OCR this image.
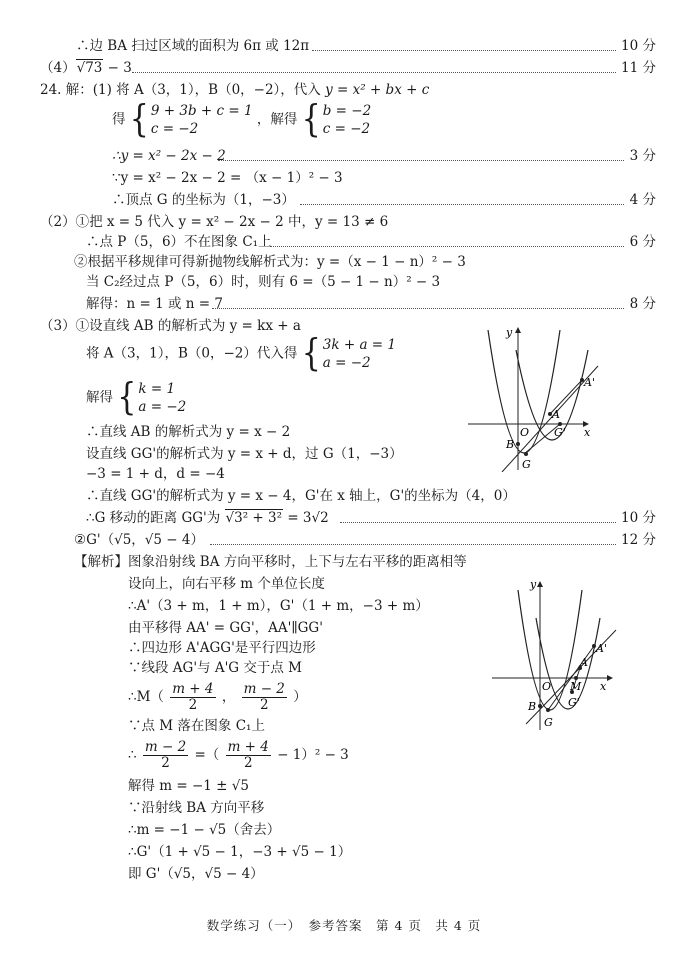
∴边 BA 扫过区域的面积为 6π 或 12π	10 分
（4）√73 − 3	11 分
24. 解：(1) 将 A（3，1），B（0，−2），代入 y = x² + bx + c
得 { 9 + 3b + c = 1
c = −2 ，解得 { b = −2
c = −2
∴y = x² − 2x − 2	3 分
∵y = x² − 2x − 2 = （x − 1）² − 3
∴顶点 G 的坐标为（1，−3）	4 分
（2）①把 x = 5 代入 y = x² − 2x − 2 中，y = 13 ≠ 6
∴点 P（5，6）不在图象 C₁上	6 分
②根据平移规律可得新抛物线解析式为：y =（x − 1 − n）² − 3
当 C₂经过点 P（5，6）时，则有 6 =（5 − 1 − n）² − 3
解得：n = 1 或 n = 7	8 分
（3）①设直线 AB 的解析式为 y = kx + a
将 A（3，1），B（0，−2）代入得 { 3k + a = 1
a = −2
解得 { k = 1
a = −2
∴直线 AB 的解析式为 y = x − 2
设直线 GG'的解析式为 y = x + d，过 G（1，−3）
−3 = 1 + d，d = −4
∴直线 GG'的解析式为 y = x − 4，G'在 x 轴上，G'的坐标为（4，0）
∴G 移动的距离 GG'为 √3² + 3² = 3√2	10 分
②G'（√5，√5 − 4）	12 分
【解析】图象沿射线 BA 方向平移时，上下与左右平移的距离相等
设向上，向右平移 m 个单位长度
∴A'（3 + m，1 + m），G'（1 + m，−3 + m）
由平移得 AA' = GG'，AA'∥GG'
∴四边形 A'AGG'是平行四边形
∵线段 AG'与 A'G 交于点 M
∴M（ $\frac{m + 4}{2}$ ， $\frac{m - 2}{2}$ ）
∵点 M 落在图象 C₁上
∴ $\frac{m - 2}{2}$ =（ $\frac{m + 4}{2} - 1)^2 - 3$
解得 m = −1 ± √5
∵沿射线 BA 方向平移
∴m = −1 − √5（舍去）
∴G'（1 + √5 − 1，−3 + √5 − 1）
即 G'（√5，√5 − 4）
y
x
A'
A
O G'
B
G
y
x
A'
A
O M
G'
B
G
数学练习（一）　参考答案　第 4 页　共 4 页
